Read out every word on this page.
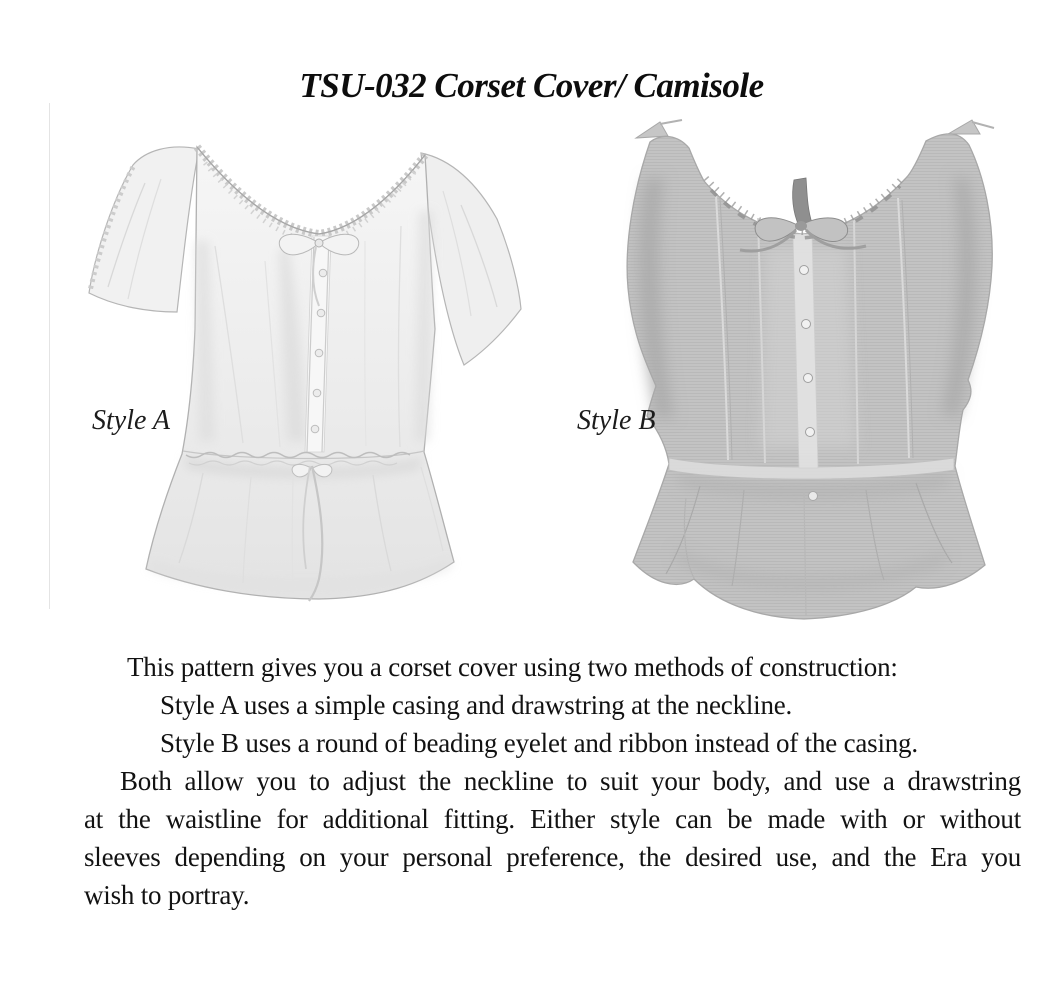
TSU-032 Corset Cover/ Camisole

Style A	Style B

This pattern gives you a corset cover using two methods of construction:

Style A uses a simple casing and drawstring at the neckline.

Style B uses a round of beading eyelet and ribbon instead of the casing.

Both allow you to adjust the neckline to suit your body, and use a drawstring
at the waistline for additional fitting. Either style can be made with or without
sleeves depending on your personal preference, the desired use, and the Era you
wish to portray.
